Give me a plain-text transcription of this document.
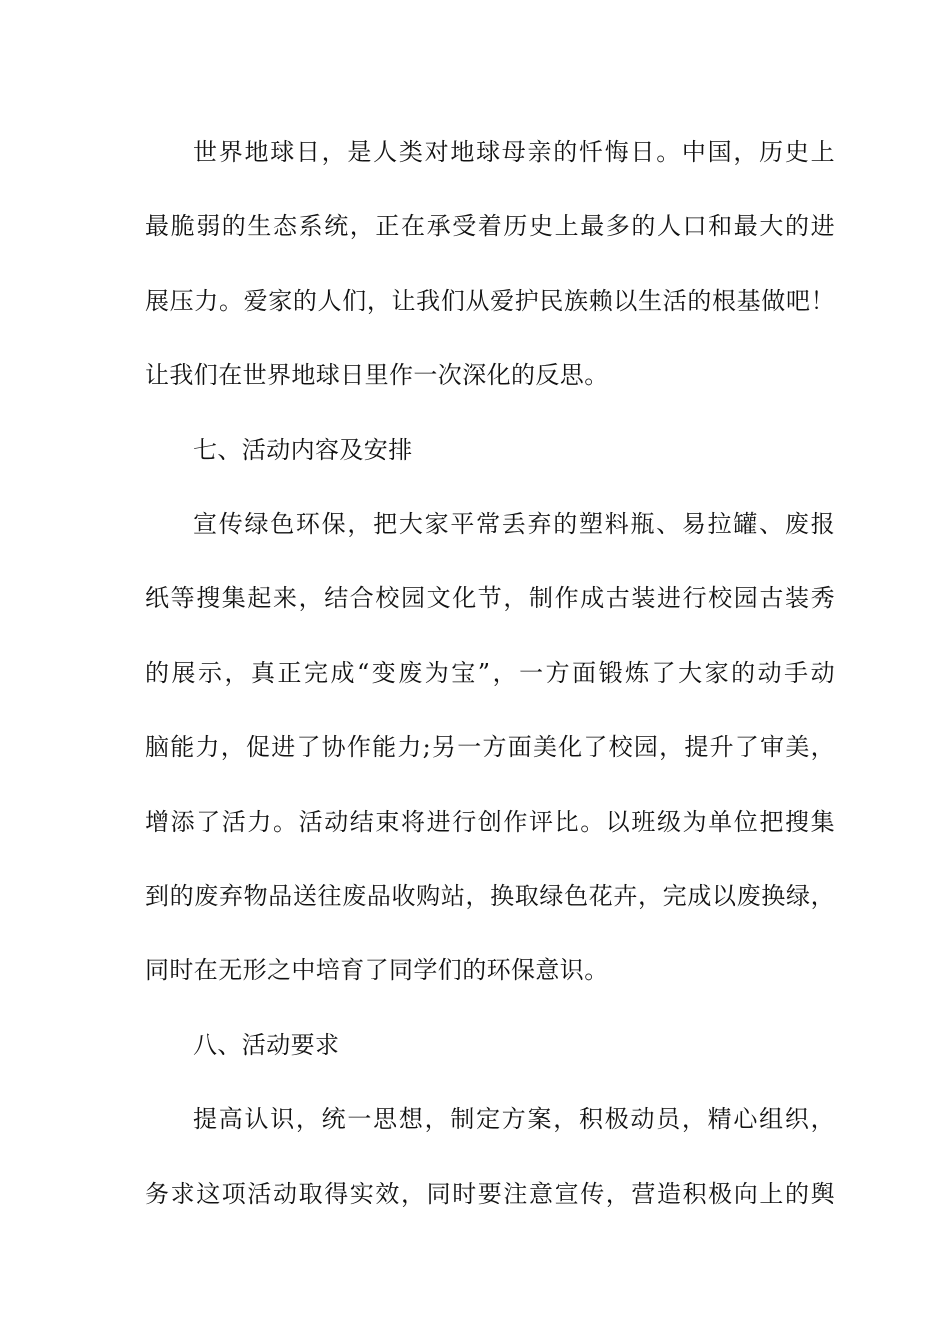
世界地球日，是人类对地球母亲的忏悔日。中国，历史上
最脆弱的生态系统，正在承受着历史上最多的人口和最大的进
展压力。爱家的人们，让我们从爱护民族赖以生活的根基做吧！
让我们在世界地球日里作一次深化的反思。
七、活动内容及安排
宣传绿色环保，把大家平常丢弃的塑料瓶、易拉罐、废报
纸等搜集起来，结合校园文化节，制作成古装进行校园古装秀
的展示，真正完成“变废为宝”，一方面锻炼了大家的动手动
脑能力，促进了协作能力;另一方面美化了校园，提升了审美，
增添了活力。活动结束将进行创作评比。以班级为单位把搜集
到的废弃物品送往废品收购站，换取绿色花卉，完成以废换绿，
同时在无形之中培育了同学们的环保意识。
八、活动要求
提高认识，统一思想，制定方案，积极动员，精心组织，
务求这项活动取得实效，同时要注意宣传，营造积极向上的舆
